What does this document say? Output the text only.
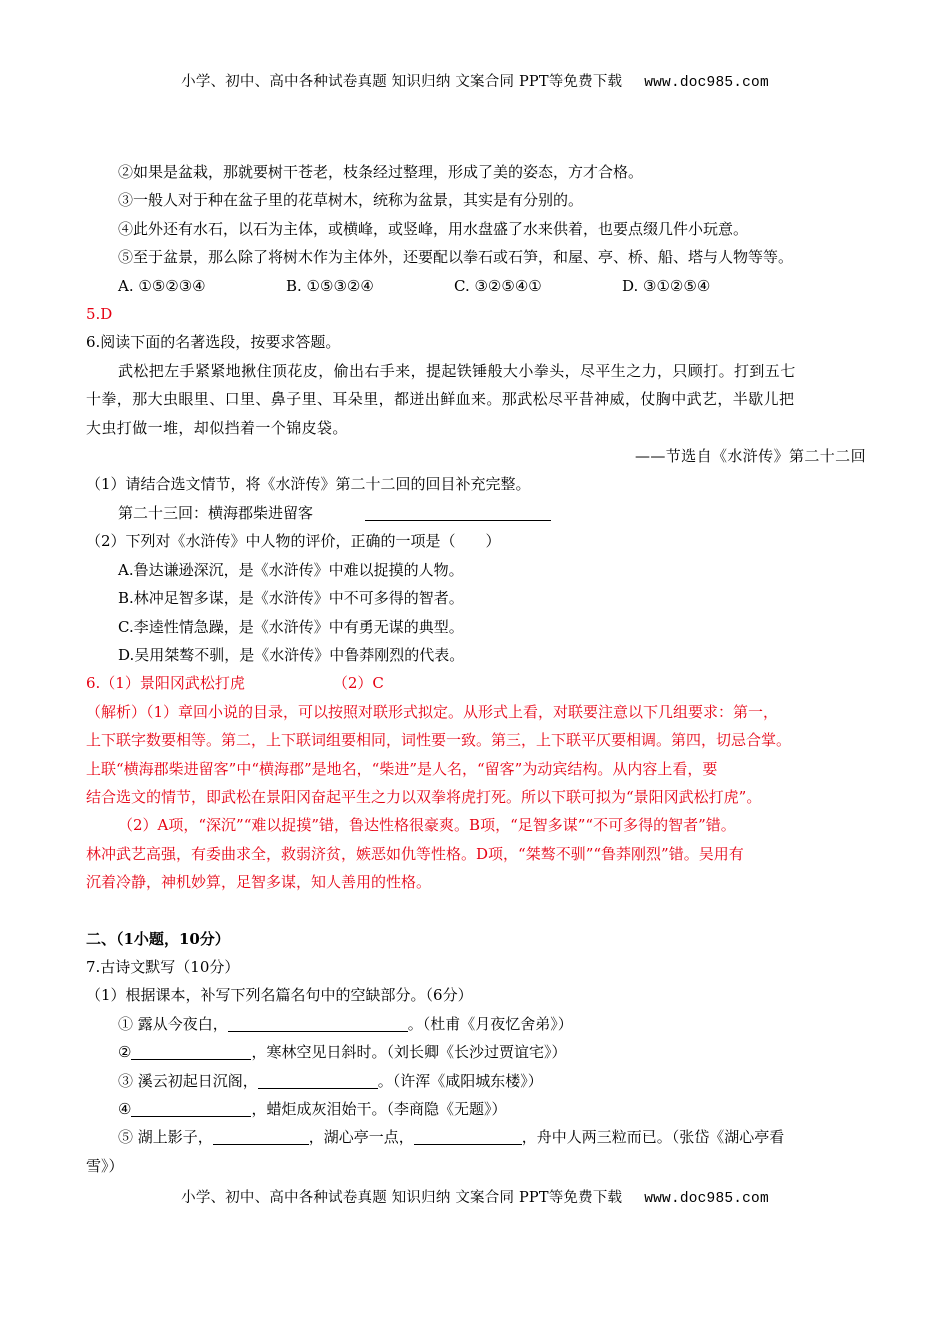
小学、初中、高中各种试卷真题 知识归纳 文案合同 PPT等免费下载 www.doc985.com
②如果是盆栽，那就要树干苍老，枝条经过整理，形成了美的姿态，方才合格。
③一般人对于种在盆子里的花草树木，统称为盆景，其实是有分别的。
④此外还有水石，以石为主体，或横峰，或竖峰，用水盘盛了水来供着，也要点缀几件小玩意。
⑤至于盆景，那么除了将树木作为主体外，还要配以拳石或石笋，和屋、亭、桥、船、塔与人物等等。
A. ①⑤②③④	B. ①⑤③②④	C. ③②⑤④①	D. ③①②⑤④
5.D
6.阅读下面的名著选段，按要求答题。
武松把左手紧紧地揪住顶花皮，偷出右手来，提起铁锤般大小拳头，尽平生之力，只顾打。打到五七
十拳，那大虫眼里、口里、鼻子里、耳朵里，都迸出鲜血来。那武松尽平昔神威，仗胸中武艺，半歇儿把
大虫打做一堆，却似挡着一个锦皮袋。
——节选自《水浒传》第二十二回
（1）请结合选文情节，将《水浒传》第二十二回的回目补充完整。
第二十三回：横海郡柴进留客
（2）下列对《水浒传》中人物的评价，正确的一项是（　　）
A.鲁达谦逊深沉，是《水浒传》中难以捉摸的人物。
B.林冲足智多谋，是《水浒传》中不可多得的智者。
C.李逵性情急躁，是《水浒传》中有勇无谋的典型。
D.吴用桀骜不驯，是《水浒传》中鲁莽刚烈的代表。
6.（1）景阳冈武松打虎	（2）C
（解析）（1）章回小说的目录，可以按照对联形式拟定。从形式上看，对联要注意以下几组要求：第一，
上下联字数要相等。第二，上下联词组要相同，词性要一致。第三，上下联平仄要相调。第四，切忌合掌。
上联“横海郡柴进留客”中“横海郡”是地名，“柴进”是人名，“留客”为动宾结构。从内容上看，要
结合选文的情节，即武松在景阳冈奋起平生之力以双拳将虎打死。所以下联可拟为“景阳冈武松打虎”。
（2）A项，“深沉”“难以捉摸”错，鲁达性格很豪爽。B项，“足智多谋”“不可多得的智者”错。
林冲武艺高强，有委曲求全，救弱济贫，嫉恶如仇等性格。D项，“桀骜不驯”“鲁莽刚烈”错。吴用有
沉着冷静，神机妙算，足智多谋，知人善用的性格。
二、（1小题，10分）
7.古诗文默写（10分）
（1）根据课本，补写下列名篇名句中的空缺部分。（6分）
① 露从今夜白，	。（杜甫《月夜忆舍弟》）
②	，寒林空见日斜时。（刘长卿《长沙过贾谊宅》）
③ 溪云初起日沉阁，	。（许浑《咸阳城东楼》）
④	，蜡炬成灰泪始干。（李商隐《无题》）
⑤ 湖上影子，	，湖心亭一点，	，舟中人两三粒而已。（张岱《湖心亭看
雪》）
小学、初中、高中各种试卷真题 知识归纳 文案合同 PPT等免费下载 www.doc985.com
